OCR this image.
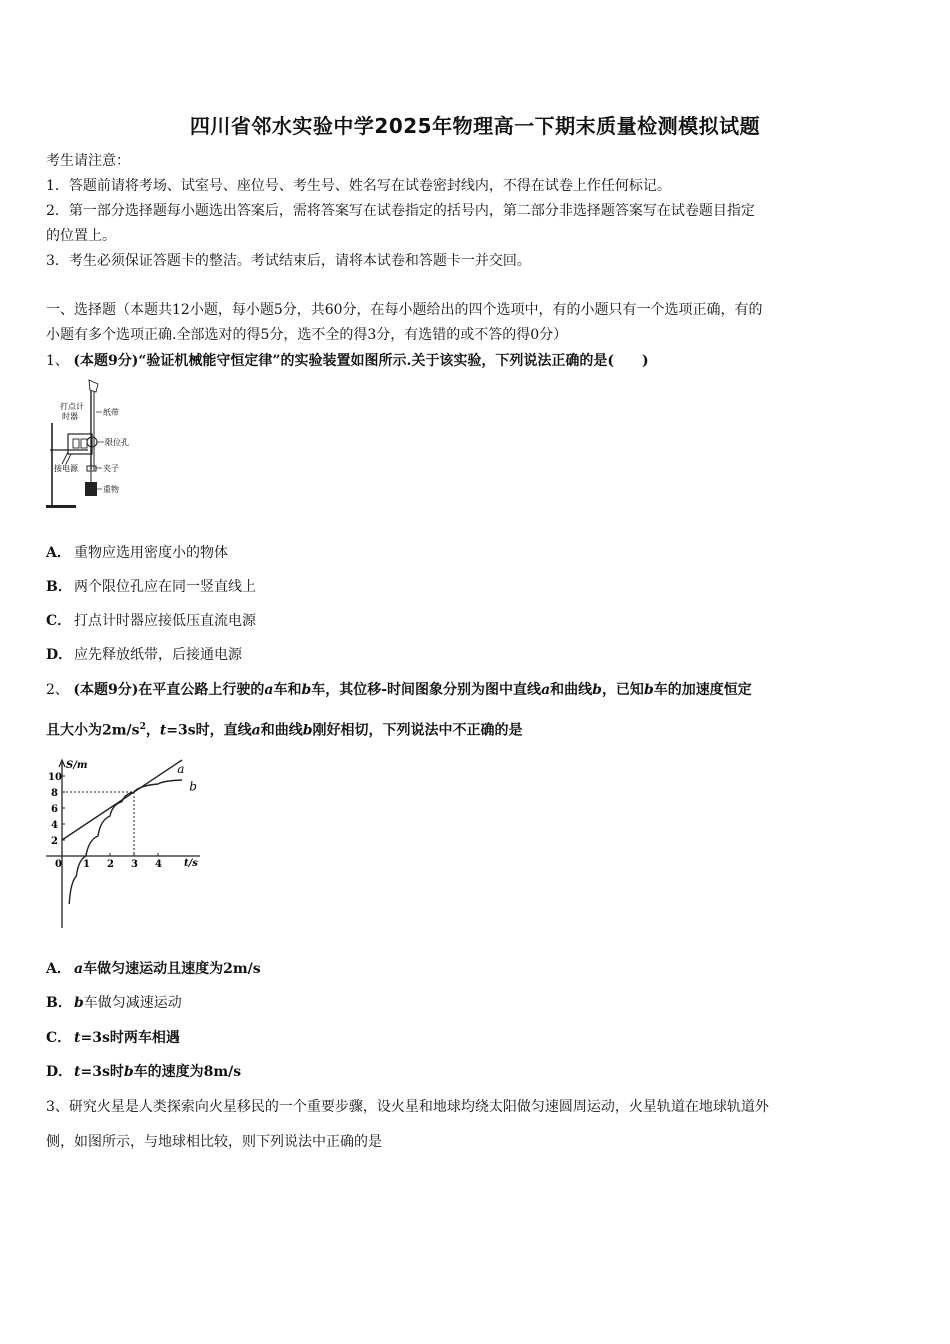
四川省邻水实验中学2025年物理高一下期末质量检测模拟试题
考生请注意：
1．答题前请将考场、试室号、座位号、考生号、姓名写在试卷密封线内，不得在试卷上作任何标记。
2．第一部分选择题每小题选出答案后，需将答案写在试卷指定的括号内，第二部分非选择题答案写在试卷题目指定
的位置上。
3．考生必须保证答题卡的整洁。考试结束后，请将本试卷和答题卡一并交回。
一、选择题（本题共12小题，每小题5分，共60分，在每小题给出的四个选项中，有的小题只有一个选项正确，有的
小题有多个选项正确.全部选对的得5分，选不全的得3分，有选错的或不答的得0分）
1、 (本题9分)“验证机械能守恒定律”的实验装置如图所示.关于该实验，下列说法正确的是(　　)
打点计
时器	纸带
限位孔
接电源	夹子
重物
A． 重物应选用密度小的物体
B． 两个限位孔应在同一竖直线上
C． 打点计时器应接低压直流电源
D． 应先释放纸带，后接通电源
2、 (本题9分)在平直公路上行驶的a车和b车，其位移-时间图象分别为图中直线a和曲线b，已知b车的加速度恒定
且大小为$2m/s^2$，t=3s时，直线a和曲线b刚好相切，下列说法中不正确的是
S/m
t/s
0 1 2 3 4
2
4
6
8
10
a
b
A． a车做匀速运动且速度为2m/s
B． b车做匀减速运动
C． t=3s时两车相遇
D． t=3s时b车的速度为8m/s
3、研究火星是人类探索向火星移民的一个重要步骤，设火星和地球均绕太阳做匀速圆周运动，火星轨道在地球轨道外
侧，如图所示，与地球相比较，则下列说法中正确的是
